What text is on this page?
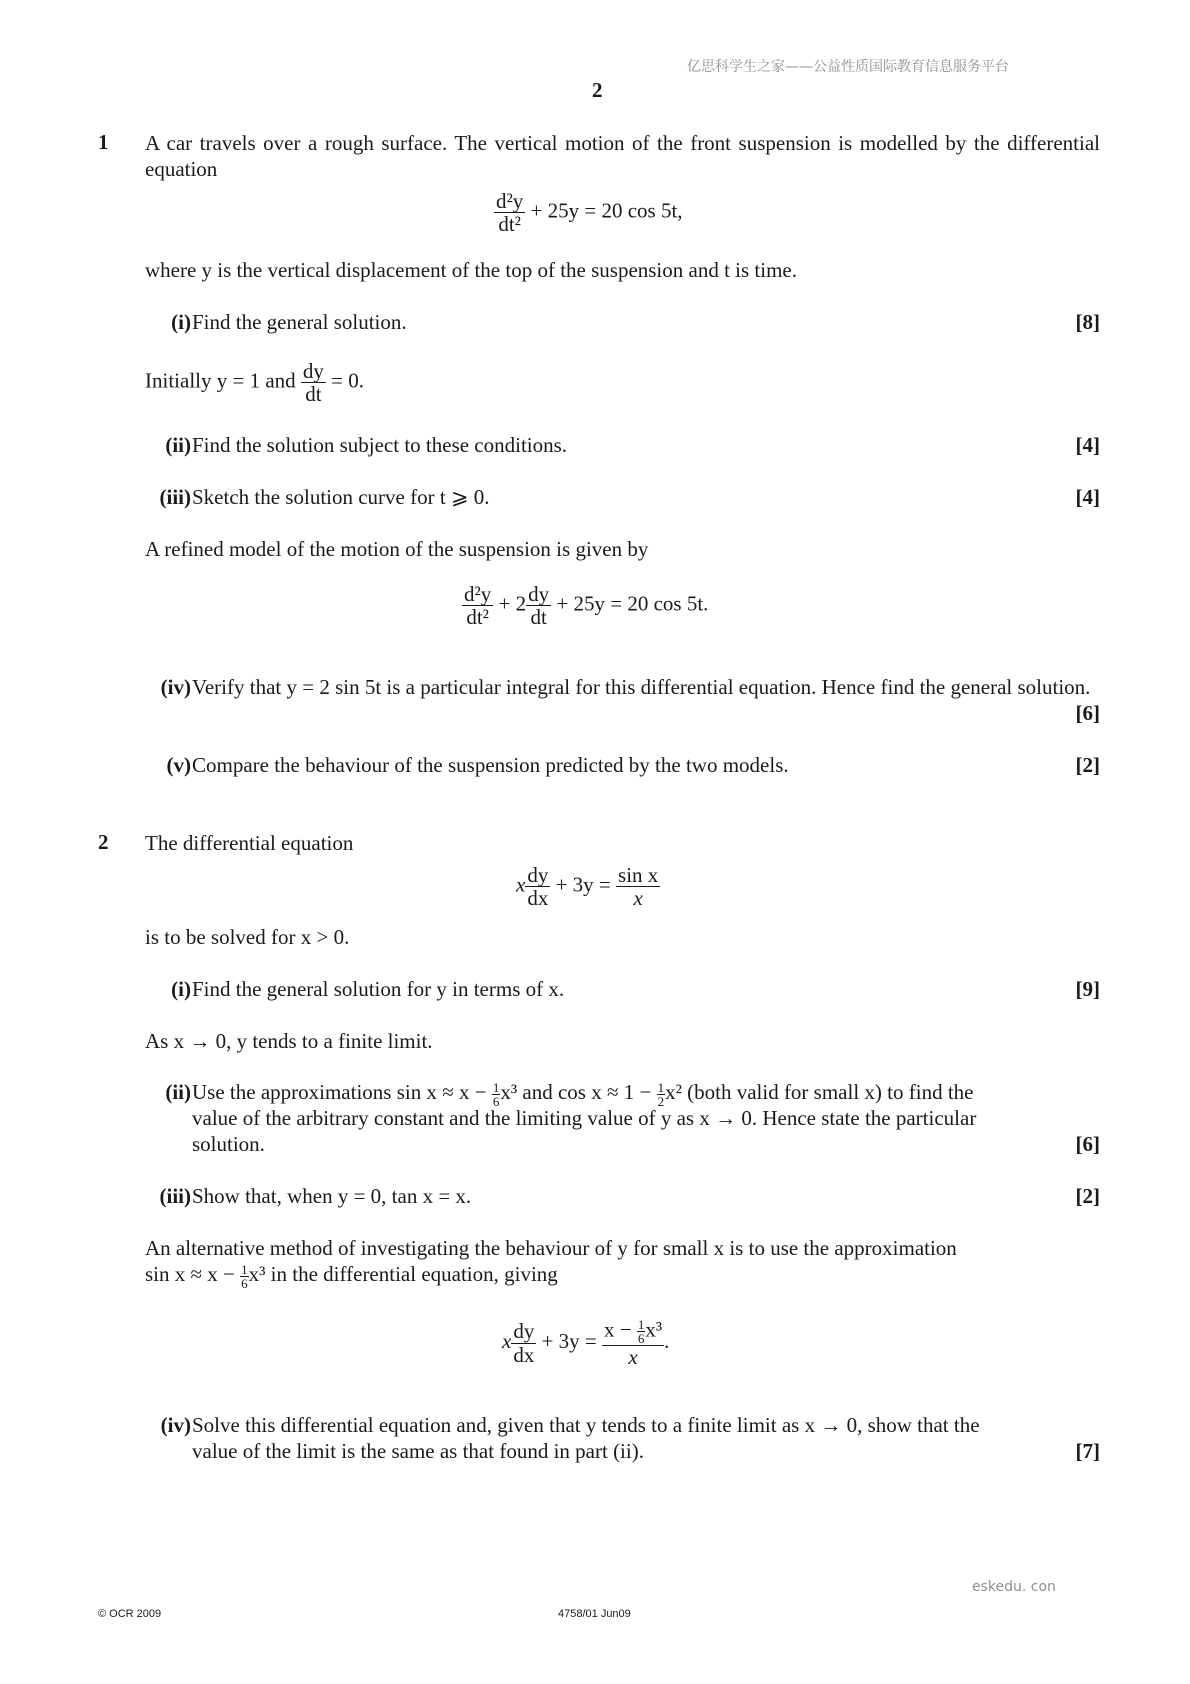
亿思科学生之家——公益性质国际教育信息服务平台
2
1 A car travels over a rough surface. The vertical motion of the front suspension is modelled by the differential equation
$\frac{\text{d²y}}{\text{dt²}} + 25y = 20$ cos 5t,
where y is the vertical displacement of the top of the suspension and t is time.
(i) Find the general solution.	[8]
Initially y = 1 and $\frac{dy}{dt} = 0$.
(ii) Find the solution subject to these conditions.	[4]
(iii) Sketch the solution curve for t ⩾ 0.	[4]
A refined model of the motion of the suspension is given by
$\frac{\text{d²y}}{\text{dt²}} + 2 \frac{dy}{dt} + 25y = 20$ cos 5t.
(iv) Verify that y = 2 sin 5t is a particular integral for this differential equation. Hence find the general solution.
[6]
(v) Compare the behaviour of the suspension predicted by the two models.	[2]
2 The differential equation
x $\frac{dy}{dx} + 3y = \frac{\text{sin x}}{x}$
is to be solved for x > 0.
(i) Find the general solution for y in terms of x.	[9]
As x → 0, y tends to a finite limit.
(ii) Use the approximations $\sin x \approx x - \frac{1}{6} x^3$ and $\cos x \approx 1 - \frac{1}{2} x^2$ (both valid for small x) to find the
value of the arbitrary constant and the limiting value of y as x → 0. Hence state the particular
solution.	[6]
(iii) Show that, when y = 0, tan x = x.	[2]
An alternative method of investigating the behaviour of y for small x is to use the approximation
$\sin x \approx x - \frac{1}{6} x^3$ in the differential equation, giving
x $\frac{dy}{dx} + 3y = \frac{x - \frac{1}{6} x^3}{x}$ .
(iv) Solve this differential equation and, given that y tends to a finite limit as x → 0, show that the
value of the limit is the same as that found in part (ii).	[7]
eskedu. con
© OCR 2009	4758/01 Jun09
